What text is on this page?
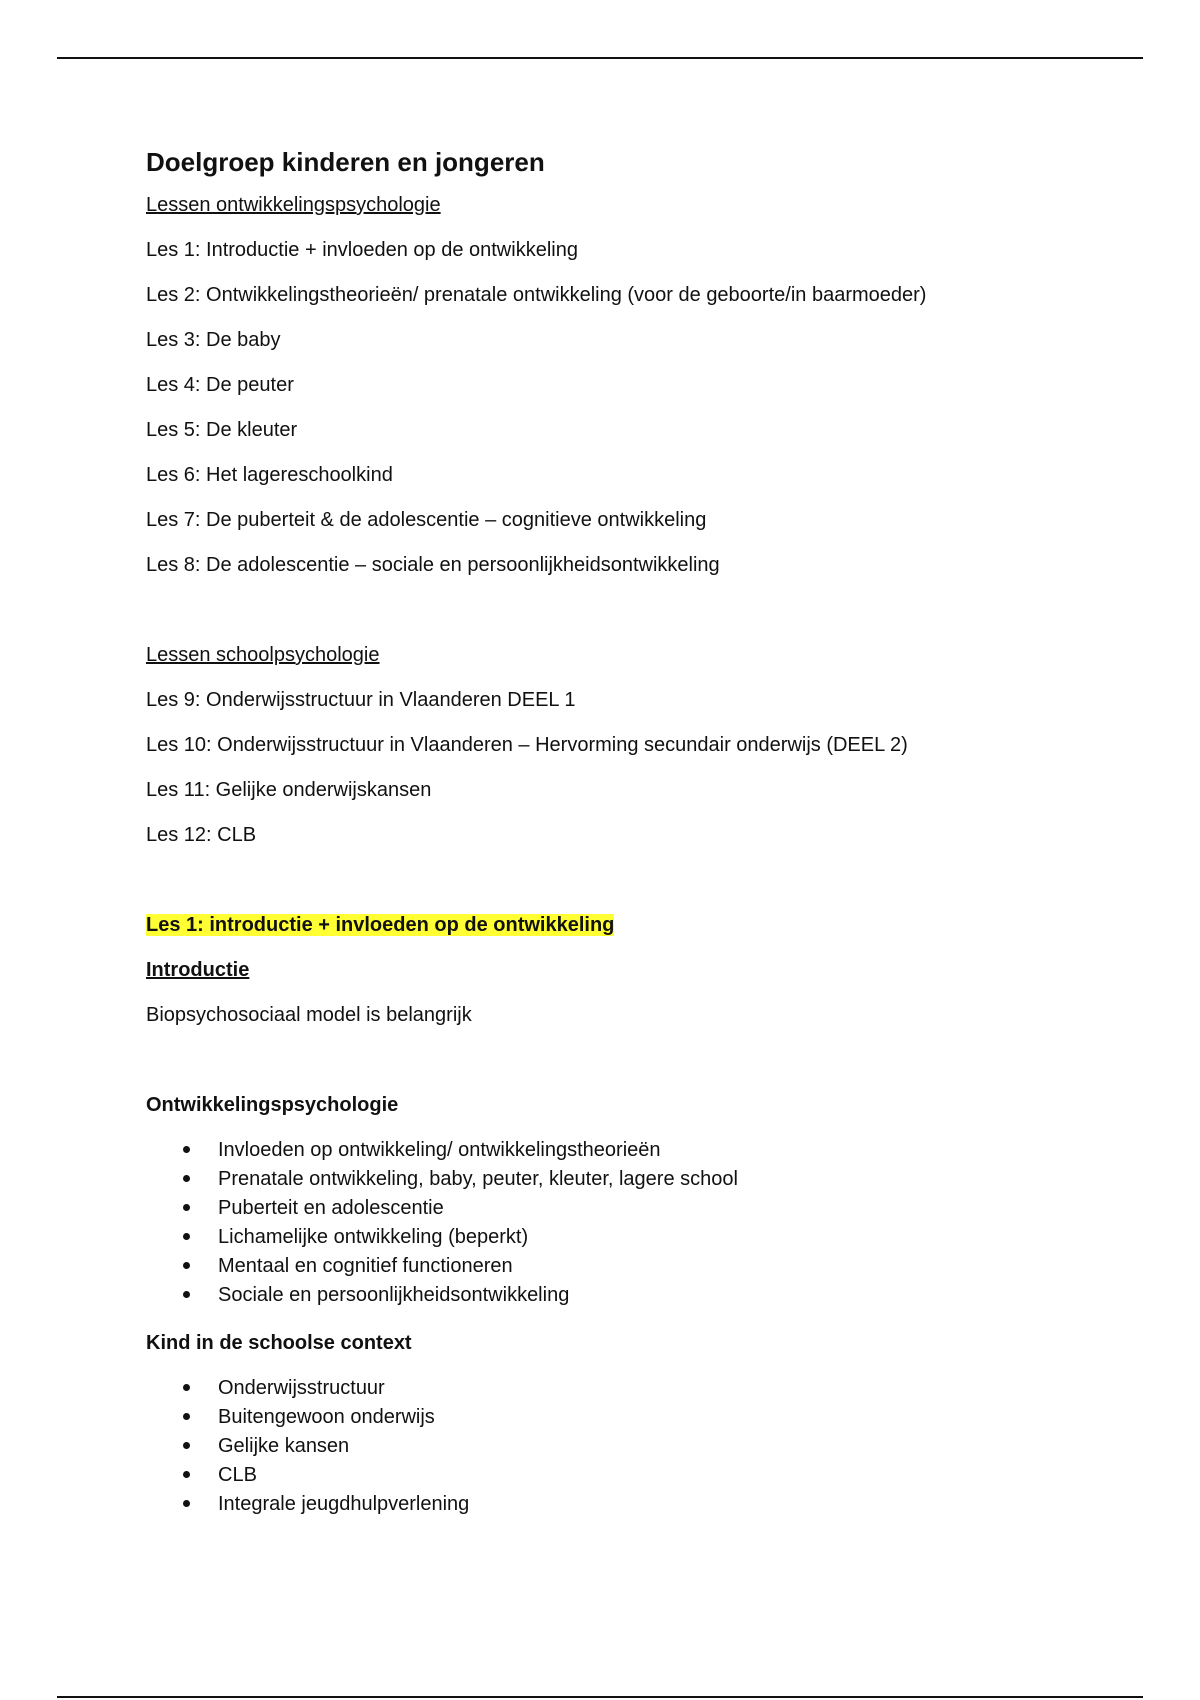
Doelgroep kinderen en jongeren
Lessen ontwikkelingspsychologie
Les 1: Introductie + invloeden op de ontwikkeling
Les 2: Ontwikkelingstheorieën/ prenatale ontwikkeling (voor de geboorte/in baarmoeder)
Les 3: De baby
Les 4: De peuter
Les 5: De kleuter
Les 6: Het lagereschoolkind
Les 7: De puberteit & de adolescentie – cognitieve ontwikkeling
Les 8: De adolescentie – sociale en persoonlijkheidsontwikkeling
Lessen schoolpsychologie
Les 9: Onderwijsstructuur in Vlaanderen DEEL 1
Les 10: Onderwijsstructuur in Vlaanderen – Hervorming secundair onderwijs (DEEL 2)
Les 11: Gelijke onderwijskansen
Les 12: CLB
Les 1: introductie + invloeden op de ontwikkeling
Introductie
Biopsychosociaal model is belangrijk
Ontwikkelingspsychologie
Invloeden op ontwikkeling/ ontwikkelingstheorieën
Prenatale ontwikkeling, baby, peuter, kleuter, lagere school
Puberteit en adolescentie
Lichamelijke ontwikkeling (beperkt)
Mentaal en cognitief functioneren
Sociale en persoonlijkheidsontwikkeling
Kind in de schoolse context
Onderwijsstructuur
Buitengewoon onderwijs
Gelijke kansen
CLB
Integrale jeugdhulpverlening
